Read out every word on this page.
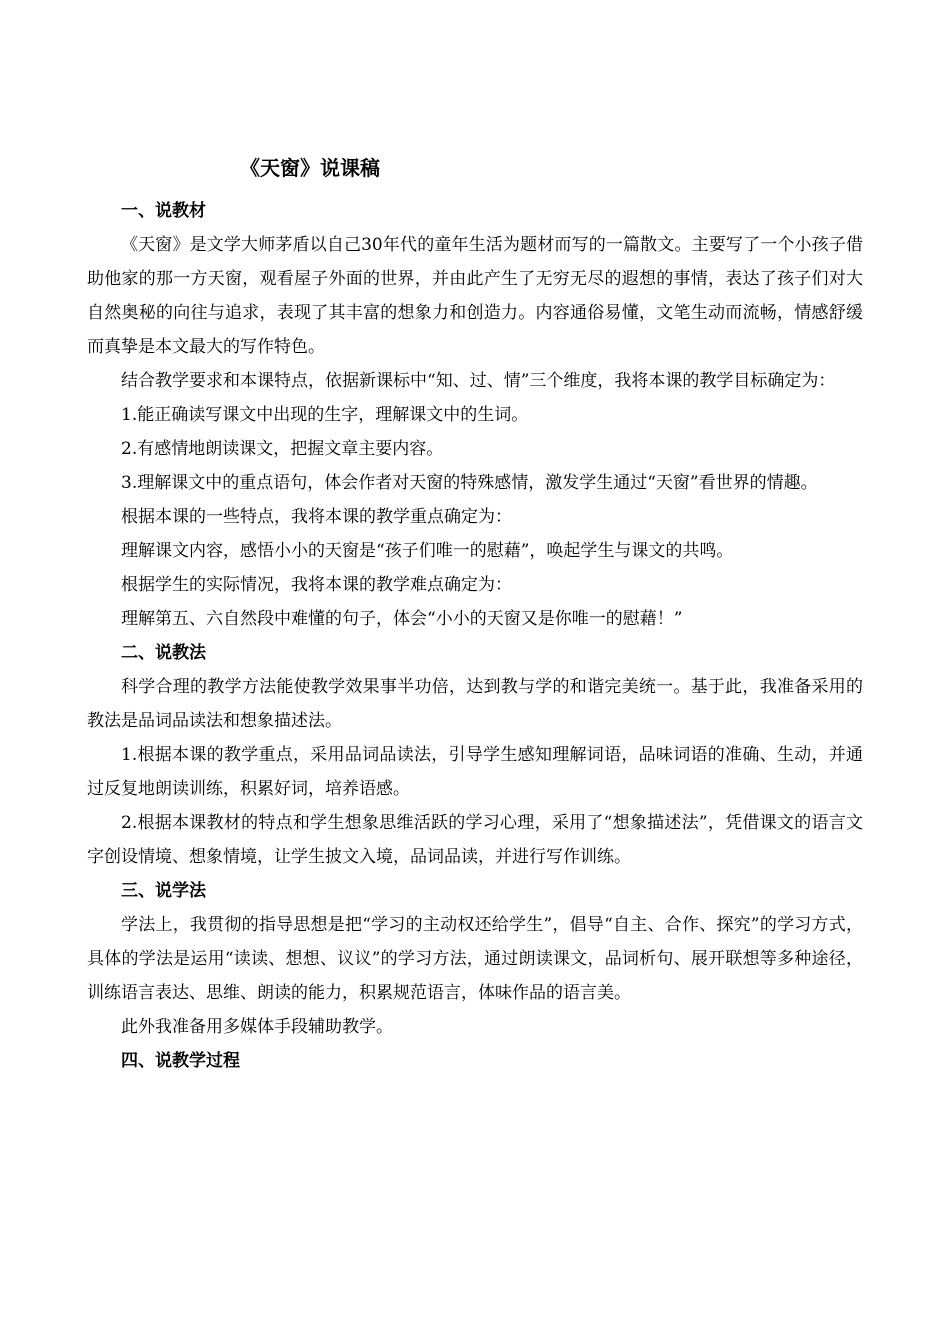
《天窗》说课稿

一、说教材

《天窗》是文学大师茅盾以自己30年代的童年生活为题材而写的一篇散文。主要写了一个小孩子借助他家的那一方天窗，观看屋子外面的世界，并由此产生了无穷无尽的遐想的事情，表达了孩子们对大自然奥秘的向往与追求，表现了其丰富的想象力和创造力。内容通俗易懂，文笔生动而流畅，情感舒缓而真挚是本文最大的写作特色。

结合教学要求和本课特点，依据新课标中“知、过、情”三个维度，我将本课的教学目标确定为：

1.能正确读写课文中出现的生字，理解课文中的生词。

2.有感情地朗读课文，把握文章主要内容。

3.理解课文中的重点语句，体会作者对天窗的特殊感情，激发学生通过“天窗”看世界的情趣。

根据本课的一些特点，我将本课的教学重点确定为：

理解课文内容，感悟小小的天窗是“孩子们唯一的慰藉”，唤起学生与课文的共鸣。

根据学生的实际情况，我将本课的教学难点确定为：

理解第五、六自然段中难懂的句子，体会“小小的天窗又是你唯一的慰藉！”

二、说教法

科学合理的教学方法能使教学效果事半功倍，达到教与学的和谐完美统一。基于此，我准备采用的教法是品词品读法和想象描述法。

1.根据本课的教学重点，采用品词品读法，引导学生感知理解词语，品味词语的准确、生动，并通过反复地朗读训练，积累好词，培养语感。

2.根据本课教材的特点和学生想象思维活跃的学习心理，采用了“想象描述法”，凭借课文的语言文字创设情境、想象情境，让学生披文入境，品词品读，并进行写作训练。

三、说学法

学法上，我贯彻的指导思想是把“学习的主动权还给学生”，倡导“自主、合作、探究”的学习方式，具体的学法是运用“读读、想想、议议”的学习方法，通过朗读课文，品词析句、展开联想等多种途径，训练语言表达、思维、朗读的能力，积累规范语言，体味作品的语言美。

此外我准备用多媒体手段辅助教学。

四、说教学过程
